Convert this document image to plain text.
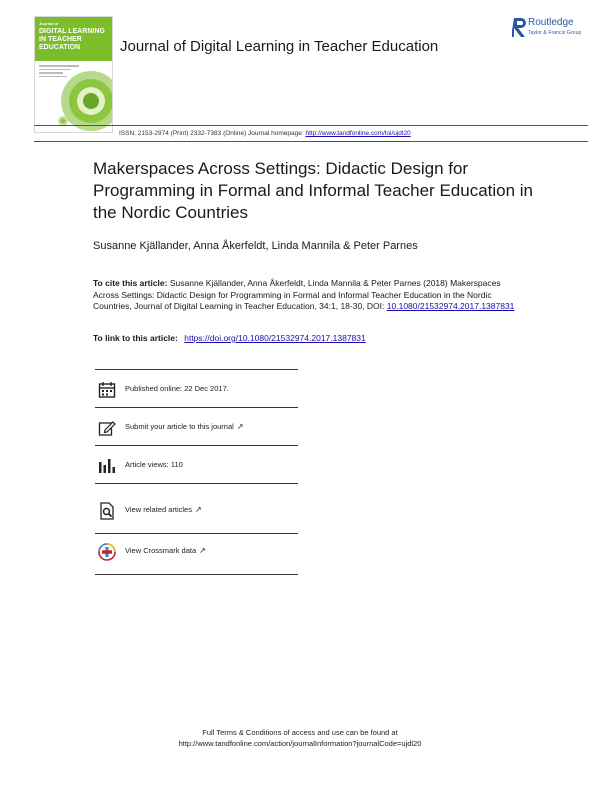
Journal of
DIGITAL LEARNING IN TEACHER EDUCATION
Routledge
Taylor & Francis Group
Journal of Digital Learning in Teacher Education
ISSN: 2153-2974 (Print) 2332-7383 (Online) Journal homepage: http://www.tandfonline.com/loi/ujdl20
Makerspaces Across Settings: Didactic Design for Programming in Formal and Informal Teacher Education in the Nordic Countries
Susanne Kjällander, Anna Åkerfeldt, Linda Mannila & Peter Parnes
To cite this article: Susanne Kjällander, Anna Åkerfeldt, Linda Mannila & Peter Parnes (2018) Makerspaces Across Settings: Didactic Design for Programming in Formal and Informal Teacher Education in the Nordic Countries, Journal of Digital Learning in Teacher Education, 34:1, 18-30, DOI: 10.1080/21532974.2017.1387831
To link to this article: https://doi.org/10.1080/21532974.2017.1387831
Published online: 22 Dec 2017.
Submit your article to this journal ↗
Article views: 110
View related articles ↗
View Crossmark data ↗
Full Terms & Conditions of access and use can be found at
http://www.tandfonline.com/action/journalInformation?journalCode=ujdl20
